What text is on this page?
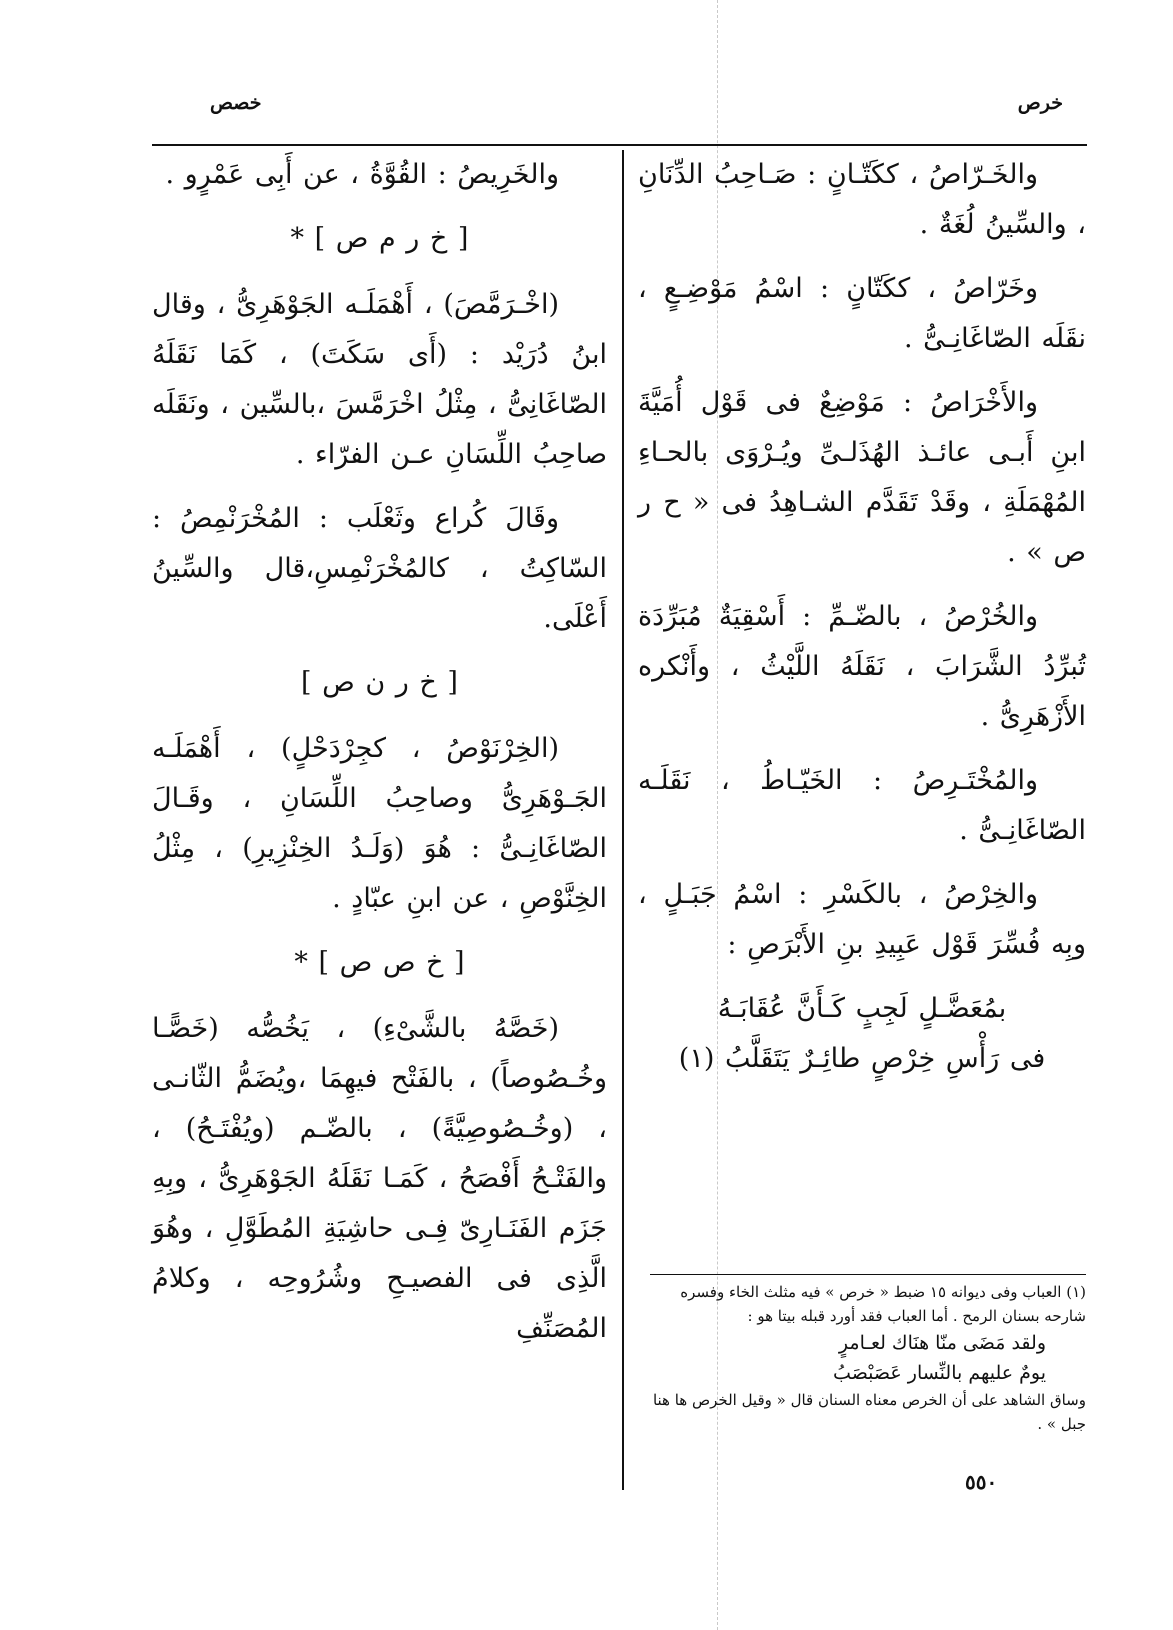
خرص
خصص

والخَـرّاصُ ، ككَتّـانٍ : صَـاحِبُ الدِّنَانِ ، والسِّينُ لُغَةٌ .

وخَرّاصُ ، ككَتّانٍ : اسْمُ مَوْضِـعٍ ، نقَلَه الصّاغَانِـىُّ .

والأَخْرَاصُ : مَوْضِعٌ فى قَوْل أُمَيَّةَ ابنِ أَبـى عائـذ الهُذَلـىِّ ويُـرْوَى بالحـاءِ المُهْمَلَةِ ، وقَدْ تَقَدَّم الشـاهِدُ فى « ح ر ص » .

والخُرْصُ ، بالضّـمِّ : أَسْقِيَةٌ مُبَرِّدَة تُبرِّدُ الشَّرَابَ ، نَقَلَهُ اللَّيْثُ ، وأَنْكره الأَزْهَرِىُّ .

والمُخْتَـرِصُ : الخَيّـاطُ ، نَقَلَـه الصّاغَانِـىُّ .

والخِرْصُ ، بالكَسْرِ : اسْمُ جَبَـلٍ ، وبِه فُسِّرَ قَوْل عَبِيدِ بنِ الأَبْرَصِ :

بمُعَضَّـلٍ لَجِبٍ كَـأَنَّ عُقَابَـهُ

فى رَأْسِ خِرْصٍ طائِـرٌ يَتَقَلَّبُ (١)

والخَرِيصُ : القُوَّةُ ، عن أَبِى عَمْرٍو .

[ خ ر م ص ] *

(اخْـرَمَّصَ) ، أَهْمَلَـه الجَوْهَرِىُّ ، وقال ابنُ دُرَيْد : (أَى سَكَتَ) ، كَمَا نَقَلَهُ الصّاغَانِىُّ ، مِثْلُ اخْرَمَّسَ ،بالسِّين ، ونَقَلَه صاحِبُ اللِّسَانِ عـن الفرّاء .

وقَالَ كُراع وثَعْلَب : المُخْرَنْمِصُ : السّاكِتُ ، كالمُخْرَنْمِسِ،قال والسِّينُ أَعْلَى.

[ خ ر ن ص ]

(الخِرْنَوْصُ ، كجِرْدَحْلٍ) ، أَهْمَلَـه الجَـوْهَرِىُّ وصاحِبُ اللِّسَانِ ، وقَـالَ الصّاغَانِـىُّ : هُوَ (وَلَـدُ الخِنْزِيرِ) ، مِثْلُ الخِنَّوْصِ ، عن ابنِ عبّادٍ .

[ خ ص ص ] *

(خَصَّهُ بالشَّىْءِ) ، يَخُصُّه (خَصًّـا وخُـصُوصاً) ، بالفَتْح فيهِمَا ،ويُضَمُّ الثّانـى ، (وخُـصُوصِيَّةً) ، بالضّـم (ويُفْتَـحُ) ، والفَتْـحُ أَفْصَحُ ، كَمَـا نَقَلَهُ الجَوْهَرِىُّ ، وبِهِ جَزَم الفَنَـارِىّ فِـى حاشِيَةِ المُطَوَّلِ ، وهُوَ الَّذِى فى الفصيـحِ وشُرُوحِه ، وكلامُ المُصَنِّفِ

(١) العباب وفى ديوانه ١٥ ضبط « خرص » فيه مثلث الخاء وفسره شارحه بسنان الرمح . أما العباب فقد أورد قبله بيتا هو :

ولقد مَضَى منّا هنَاك لعـامرٍ

يومٌ عليهم بالنِّسار عَصَبْصَبُ

وساق الشاهد على أن الخرص معناه السنان قال « وقيل الخرص ها هنا جبل » .

٥٥٠
